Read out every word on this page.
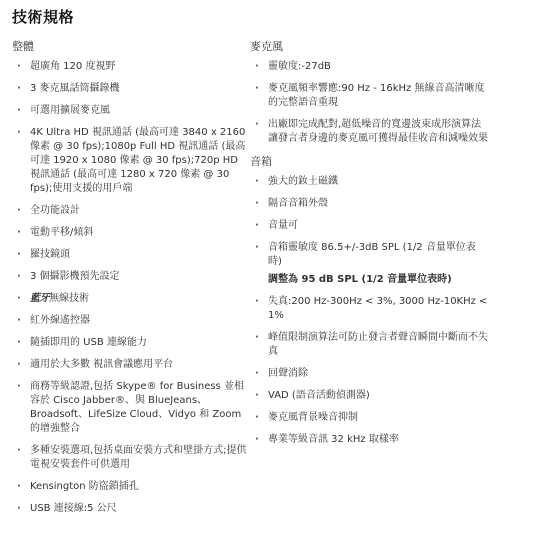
技術規格
整體
· 超廣角 120 度視野
· 3 麥克風話筒攝錄機
· 可選用擴展麥克風
· 4K Ultra HD 視訊通話 (最高可達 3840 x 2160 像素 @ 30 fps);1080p Full HD 視訊通話 (最高可達 1920 x 1080 像素 @ 30 fps);720p HD 視訊通話 (最高可達 1280 x 720 像素 @ 30 fps);使用支援的用戶端
· 全功能設計
· 電動平移/傾斜
· 羅技鏡頭
· 3 個攝影機預先設定
· 藍牙無線技術
· 紅外線遙控器
· 隨插即用的 USB 連線能力
· 適用於大多數 視訊會議應用平台
· 商務等級認證,包括 Skype® for Business 並相容於 Cisco Jabber®、與 BlueJeans、Broadsoft、LifeSize Cloud、Vidyo 和 Zoom 的增強整合
· 多種安裝選項,包括桌面安裝方式和壁掛方式;提供電視安裝套件可供選用
· Kensington 防盜鎖插孔
· USB 連接線:5 公尺
麥克風
· 靈敏度:-27dB
· 麥克風頻率響應:90 Hz - 16kHz 無線音高清晰度的完整語音重現
· 出廠即完成配對,超低噪音的寬邊波束成形演算法讓發言者身邊的麥克風可獲得最佳收音和減噪效果
音箱
· 強大的釹土磁鐵
· 隔音音箱外殼
· 音量可
· 音箱靈敏度 86.5+/-3dB SPL (1/2 音量單位表時)
調整為 95 dB SPL (1/2 音量單位表時)
· 失真:200 Hz-300Hz < 3%, 3000 Hz-10KHz < 1%
· 峰值限制演算法可防止發言者聲音瞬間中斷而不失真
· 回聲消除
· VAD (語音活動偵測器)
· 麥克風背景噪音抑制
· 專業等級音訊 32 kHz 取樣率
